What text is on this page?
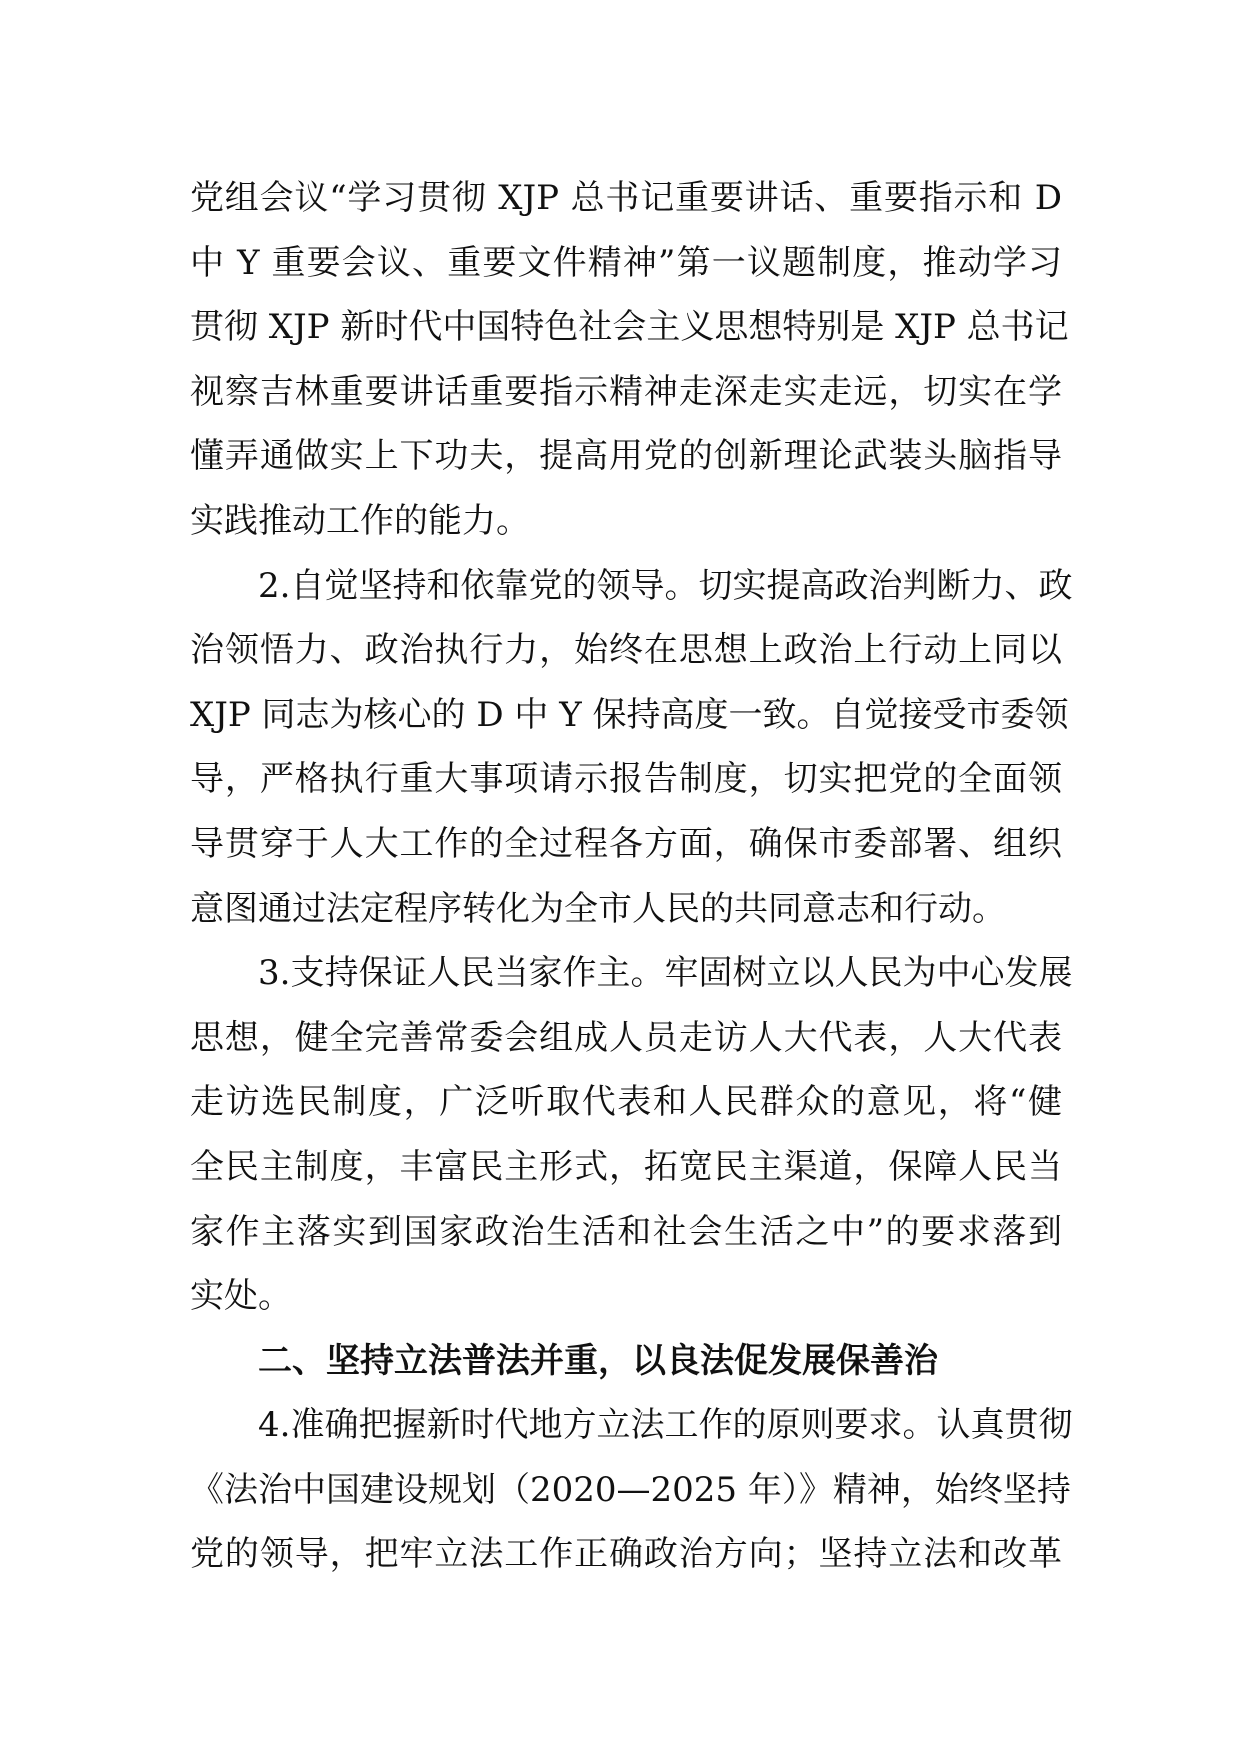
党组会议“学习贯彻 XJP 总书记重要讲话、重要指示和 D
中 Y 重要会议、重要文件精神”第一议题制度，推动学习
贯彻 XJP 新时代中国特色社会主义思想特别是 XJP 总书记
视察吉林重要讲话重要指示精神走深走实走远，切实在学
懂弄通做实上下功夫，提高用党的创新理论武装头脑指导
实践推动工作的能力。
2.自觉坚持和依靠党的领导。切实提高政治判断力、政
治领悟力、政治执行力，始终在思想上政治上行动上同以
XJP 同志为核心的 D 中 Y 保持高度一致。自觉接受市委领
导，严格执行重大事项请示报告制度，切实把党的全面领
导贯穿于人大工作的全过程各方面，确保市委部署、组织
意图通过法定程序转化为全市人民的共同意志和行动。
3.支持保证人民当家作主。牢固树立以人民为中心发展
思想，健全完善常委会组成人员走访人大代表，人大代表
走访选民制度，广泛听取代表和人民群众的意见，将“健
全民主制度，丰富民主形式，拓宽民主渠道，保障人民当
家作主落实到国家政治生活和社会生活之中”的要求落到
实处。
二、坚持立法普法并重，以良法促发展保善治
4.准确把握新时代地方立法工作的原则要求。认真贯彻
《法治中国建设规划（2020—2025 年）》精神，始终坚持
党的领导，把牢立法工作正确政治方向；坚持立法和改革
